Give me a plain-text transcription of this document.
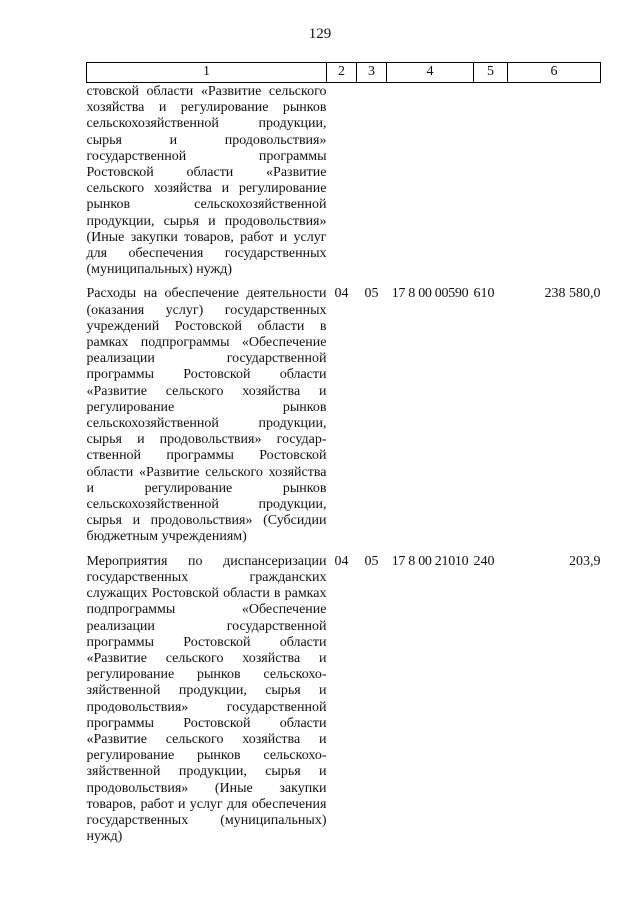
129
1	2	3	4	5	6
стовской области «Развитие сельского хозяйства и регулирование рынков сельскохозяйственной продукции, сырья и продовольствия» государственной программы Ростовской области «Развитие сельского хозяйства и регулирование рынков сельскохозяйственной продукции, сырья и продовольствия» (Иные закупки товаров, работ и услуг для обеспечения государственных (муниципальных) нужд)					
Расходы на обеспечение деятельности (оказания услуг) государственных учреждений Ростовской области в рамках подпрограммы «Обеспечение реализации государственной программы Ростовской области «Развитие сельского хозяйства и регулирование рынков сельскохозяйственной продукции, сырья и продовольствия» государственной программы Ростовской области «Развитие сельского хозяйства и регулирование рынков сельскохозяйственной продукции, сырья и продовольствия» (Субсидии бюджетным учреждениям)	04	05	17 8 00 00590	610	238 580,0
Мероприятия по диспансеризации государственных гражданских служащих Ростовской области в рамках подпрограммы «Обеспечение реализации государственной программы Ростовской области «Развитие сельского хозяйства и регулирование рынков сельскохозяйственной продукции, сырья и продовольствия» государственной программы Ростовской области «Развитие сельского хозяйства и регулирование рынков сельскохозяйственной продукции, сырья и продовольствия» (Иные закупки товаров, работ и услуг для обеспечения государственных (муниципальных) нужд)	04	05	17 8 00 21010	240	203,9
